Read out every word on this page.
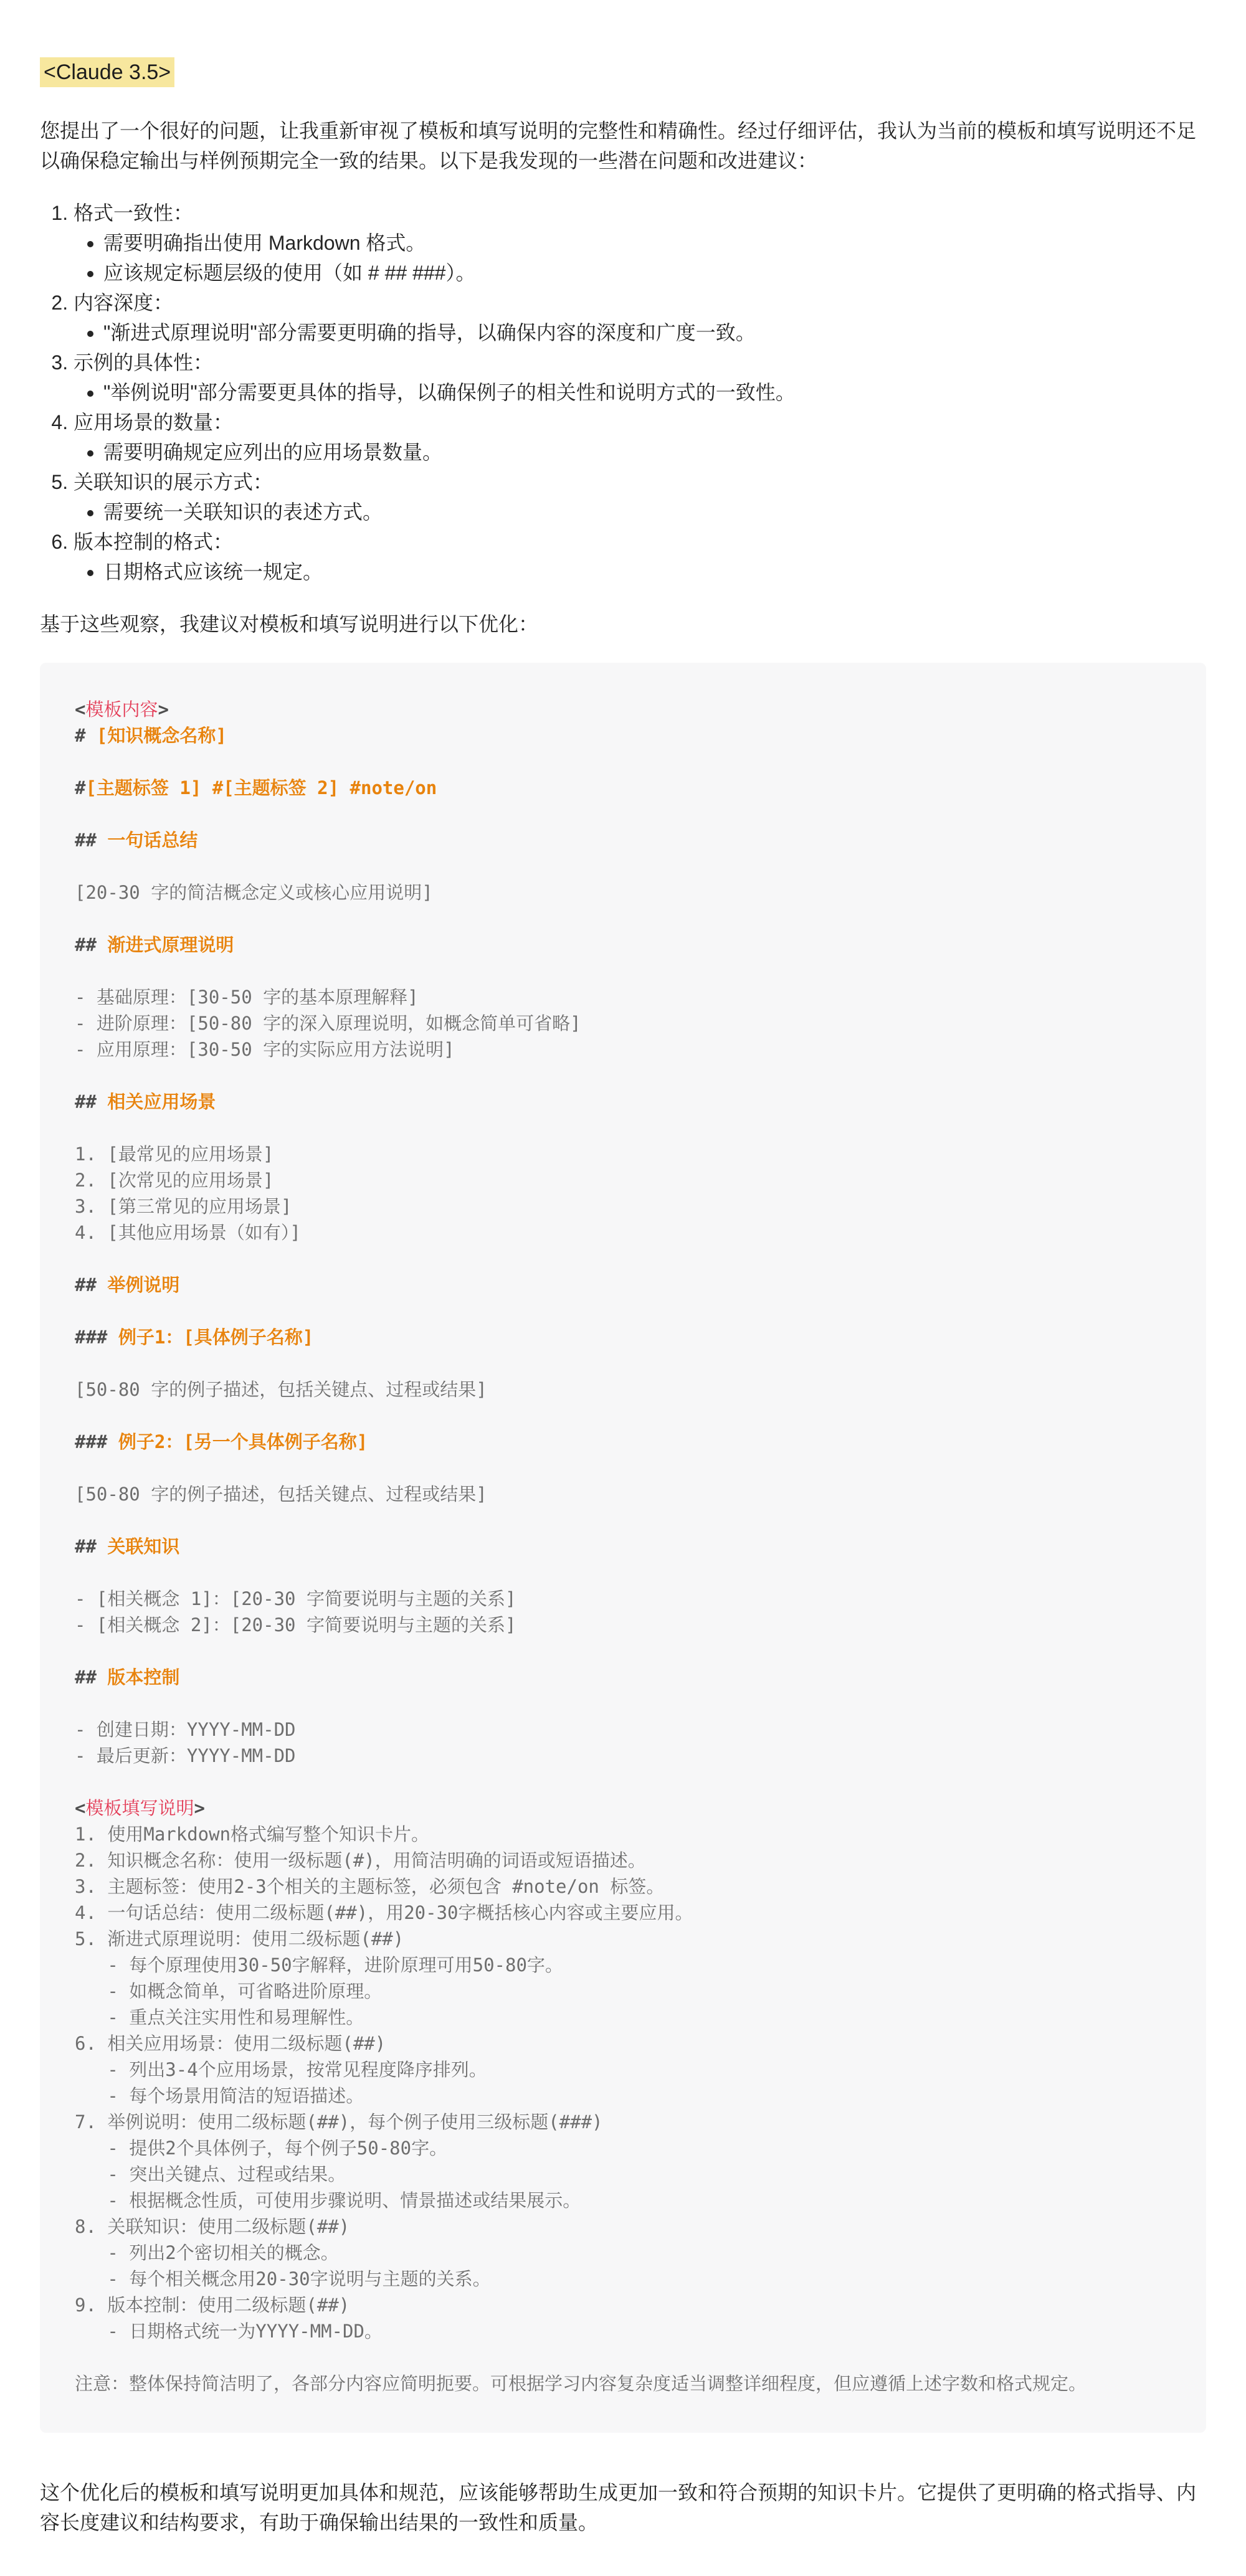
<Claude 3.5>

您提出了一个很好的问题，让我重新审视了模板和填写说明的完整性和精确性。经过仔细评估，我认为当前的模板和填写说明还不足以确保稳定输出与样例预期完全一致的结果。以下是我发现的一些潜在问题和改进建议：

1. 格式一致性：
• 需要明确指出使用 Markdown 格式。
• 应该规定标题层级的使用（如 # ## ###）。
2. 内容深度：
• "渐进式原理说明"部分需要更明确的指导，以确保内容的深度和广度一致。
3. 示例的具体性：
• "举例说明"部分需要更具体的指导，以确保例子的相关性和说明方式的一致性。
4. 应用场景的数量：
• 需要明确规定应列出的应用场景数量。
5. 关联知识的展示方式：
• 需要统一关联知识的表述方式。
6. 版本控制的格式：
• 日期格式应该统一规定。

基于这些观察，我建议对模板和填写说明进行以下优化：

<模板内容>
# [知识概念名称]
#[主题标签 1] #[主题标签 2] #note/on
## 一句话总结
[20-30 字的简洁概念定义或核心应用说明]
## 渐进式原理说明
- 基础原理：[30-50 字的基本原理解释]
- 进阶原理：[50-80 字的深入原理说明，如概念简单可省略]
- 应用原理：[30-50 字的实际应用方法说明]
## 相关应用场景
1. [最常见的应用场景]
2. [次常见的应用场景]
3. [第三常见的应用场景]
4. [其他应用场景（如有）]
## 举例说明
### 例子1：[具体例子名称]
[50-80 字的例子描述，包括关键点、过程或结果]
### 例子2：[另一个具体例子名称]
[50-80 字的例子描述，包括关键点、过程或结果]
## 关联知识
- [相关概念 1]：[20-30 字简要说明与主题的关系]
- [相关概念 2]：[20-30 字简要说明与主题的关系]
## 版本控制
- 创建日期：YYYY-MM-DD
- 最后更新：YYYY-MM-DD
<模板填写说明>
1. 使用Markdown格式编写整个知识卡片。
2. 知识概念名称：使用一级标题(#)，用简洁明确的词语或短语描述。
3. 主题标签：使用2-3个相关的主题标签，必须包含 #note/on 标签。
4. 一句话总结：使用二级标题(##)，用20-30字概括核心内容或主要应用。
5. 渐进式原理说明：使用二级标题(##)
- 每个原理使用30-50字解释，进阶原理可用50-80字。
- 如概念简单，可省略进阶原理。
- 重点关注实用性和易理解性。
6. 相关应用场景：使用二级标题(##)
- 列出3-4个应用场景，按常见程度降序排列。
- 每个场景用简洁的短语描述。
7. 举例说明：使用二级标题(##)，每个例子使用三级标题(###)
- 提供2个具体例子，每个例子50-80字。
- 突出关键点、过程或结果。
- 根据概念性质，可使用步骤说明、情景描述或结果展示。
8. 关联知识：使用二级标题(##)
- 列出2个密切相关的概念。
- 每个相关概念用20-30字说明与主题的关系。
9. 版本控制：使用二级标题(##)
- 日期格式统一为YYYY-MM-DD。
注意：整体保持简洁明了，各部分内容应简明扼要。可根据学习内容复杂度适当调整详细程度，但应遵循上述字数和格式规定。

这个优化后的模板和填写说明更加具体和规范，应该能够帮助生成更加一致和符合预期的知识卡片。它提供了更明确的格式指导、内容长度建议和结构要求，有助于确保输出结果的一致性和质量。
